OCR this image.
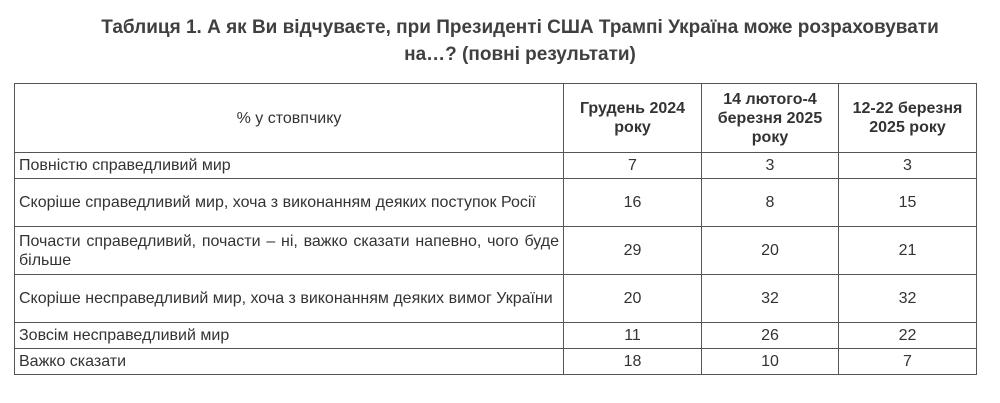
Таблиця 1. А як Ви відчуваєте, при Президенті США Трампі Україна може розраховувати
на…? (повні результати)
% у стовпчику	Грудень 2024 року	14 лютого-4 березня 2025 року	12-22 березня 2025 року
Повністю справедливий мир	7	3	3
Скоріше справедливий мир, хоча з виконанням деяких поступок Росії	16	8	15
Почасти справедливий, почасти – ні, важко сказати напевно, чого буде більше	29	20	21
Скоріше несправедливий мир, хоча з виконанням деяких вимог України	20	32	32
Зовсім несправедливий мир	11	26	22
Важко сказати	18	10	7
